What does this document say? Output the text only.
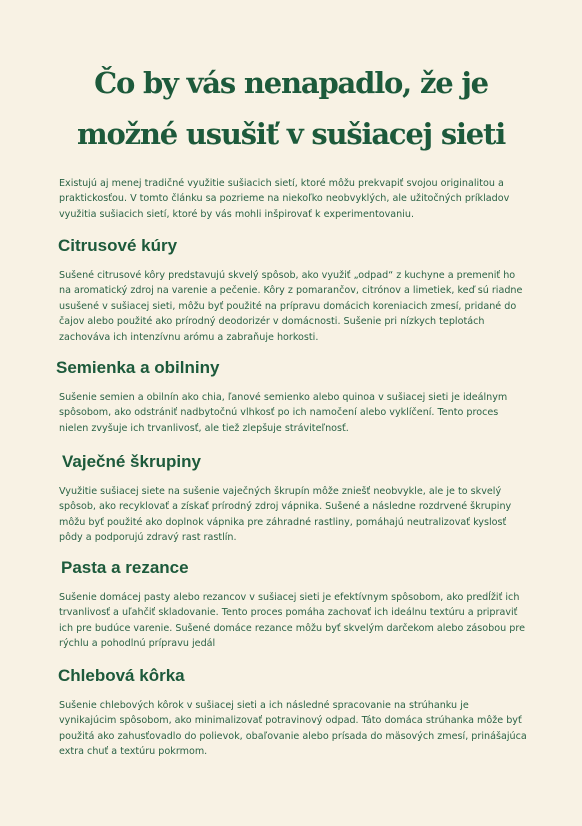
Čo by vás nenapadlo, že je
možné usušiť v sušiacej sieti

Existujú aj menej tradičné využitie sušiacich sietí, ktoré môžu prekvapiť svojou originalitou a praktickosťou. V tomto článku sa pozrieme na niekoľko neobvyklých, ale užitočných príkladov využitia sušiacich sietí, ktoré by vás mohli inšpirovať k experimentovaniu.

Citrusové kúry

Sušené citrusové kôry predstavujú skvelý spôsob, ako využiť „odpad“ z kuchyne a premeniť ho na aromatický zdroj na varenie a pečenie. Kôry z pomarančov, citrónov a limetiek, keď sú riadne usušené v sušiacej sieti, môžu byť použité na prípravu domácich koreniacich zmesí, pridané do čajov alebo použité ako prírodný deodorizér v domácnosti. Sušenie pri nízkych teplotách zachováva ich intenzívnu arómu a zabraňuje horkosti.

Semienka a obilniny

Sušenie semien a obilnín ako chia, ľanové semienko alebo quinoa v sušiacej sieti je ideálnym spôsobom, ako odstrániť nadbytočnú vlhkosť po ich namočení alebo vyklíčení. Tento proces nielen zvyšuje ich trvanlivosť, ale tiež zlepšuje stráviteľnosť.

Vaječné škrupiny

Využitie sušiacej siete na sušenie vaječných škrupín môže zniešť neobvykle, ale je to skvelý spôsob, ako recyklovať a získať prírodný zdroj vápnika. Sušené a následne rozdrvené škrupiny môžu byť použité ako doplnok vápnika pre záhradné rastliny, pomáhajú neutralizovať kyslosť pôdy a podporujú zdravý rast rastlín.

Pasta a rezance

Sušenie domácej pasty alebo rezancov v sušiacej sieti je efektívnym spôsobom, ako predĺžiť ich trvanlivosť a uľahčiť skladovanie. Tento proces pomáha zachovať ich ideálnu textúru a pripraviť ich pre budúce varenie. Sušené domáce rezance môžu byť skvelým darčekom alebo zásobou pre rýchlu a pohodlnú prípravu jedál

Chlebová kôrka

Sušenie chlebových kôrok v sušiacej sieti a ich následné spracovanie na strúhanku je vynikajúcim spôsobom, ako minimalizovať potravinový odpad. Táto domáca strúhanka môže byť použitá ako zahusťovadlo do polievok, obaľovanie alebo prísada do mäsových zmesí, prinášajúca extra chuť a textúru pokrmom.
